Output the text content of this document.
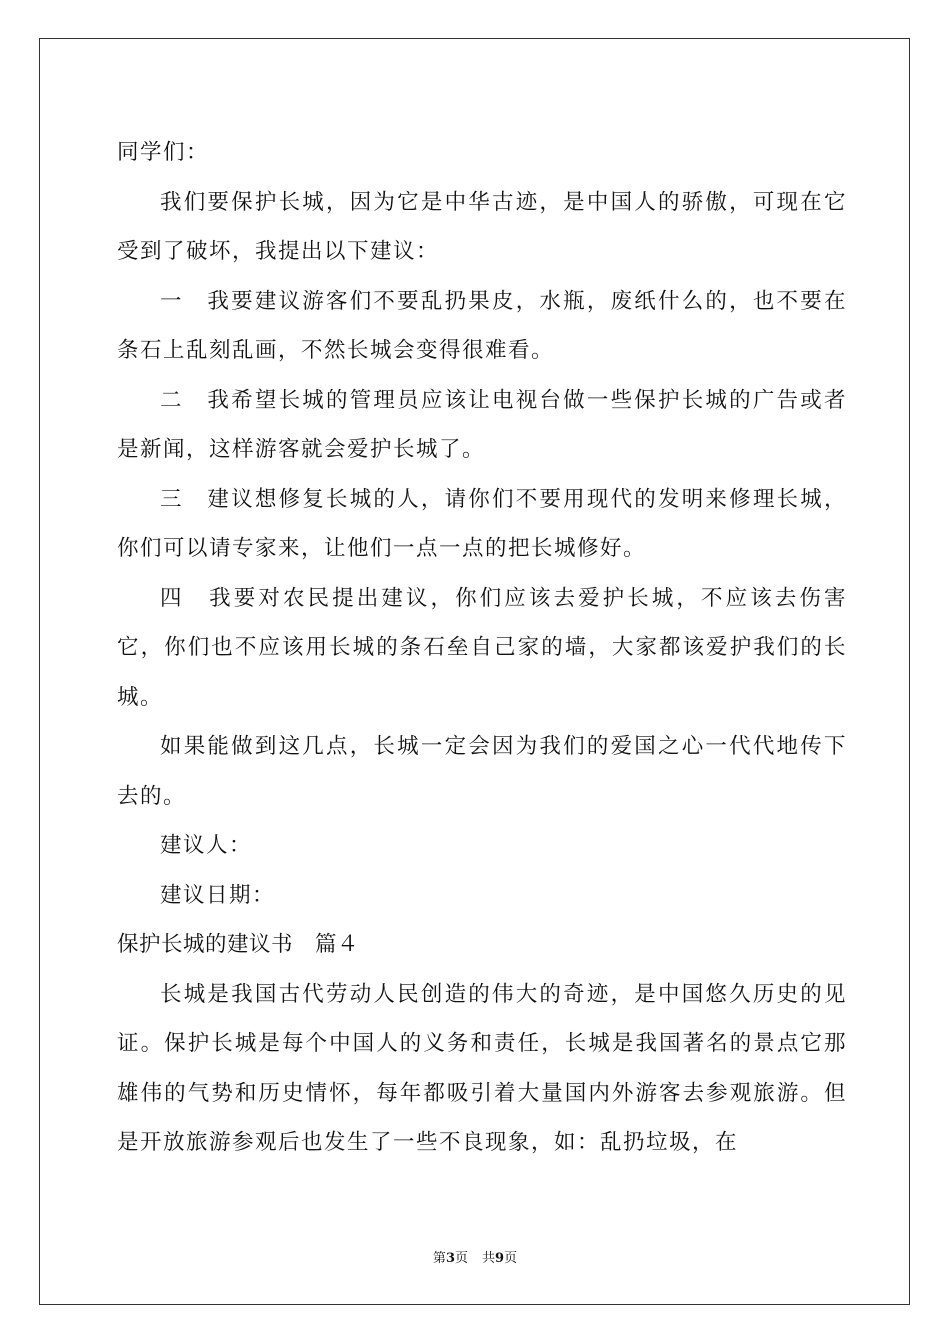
同学们：

我们要保护长城，因为它是中华古迹，是中国人的骄傲，可现在它受到了破坏，我提出以下建议：

一　我要建议游客们不要乱扔果皮，水瓶，废纸什么的，也不要在条石上乱刻乱画，不然长城会变得很难看。

二　我希望长城的管理员应该让电视台做一些保护长城的广告或者是新闻，这样游客就会爱护长城了。

三　建议想修复长城的人，请你们不要用现代的发明来修理长城，你们可以请专家来，让他们一点一点的把长城修好。

四　我要对农民提出建议，你们应该去爱护长城，不应该去伤害它，你们也不应该用长城的条石垒自己家的墙，大家都该爱护我们的长城。

如果能做到这几点，长城一定会因为我们的爱国之心一代代地传下去的。

建议人：

建议日期：

保护长城的建议书　篇４

长城是我国古代劳动人民创造的伟大的奇迹，是中国悠久历史的见证。保护长城是每个中国人的义务和责任，长城是我国著名的景点它那雄伟的气势和历史情怀，每年都吸引着大量国内外游客去参观旅游。但是开放旅游参观后也发生了一些不良现象，如：乱扔垃圾，在

第3页 共9页
